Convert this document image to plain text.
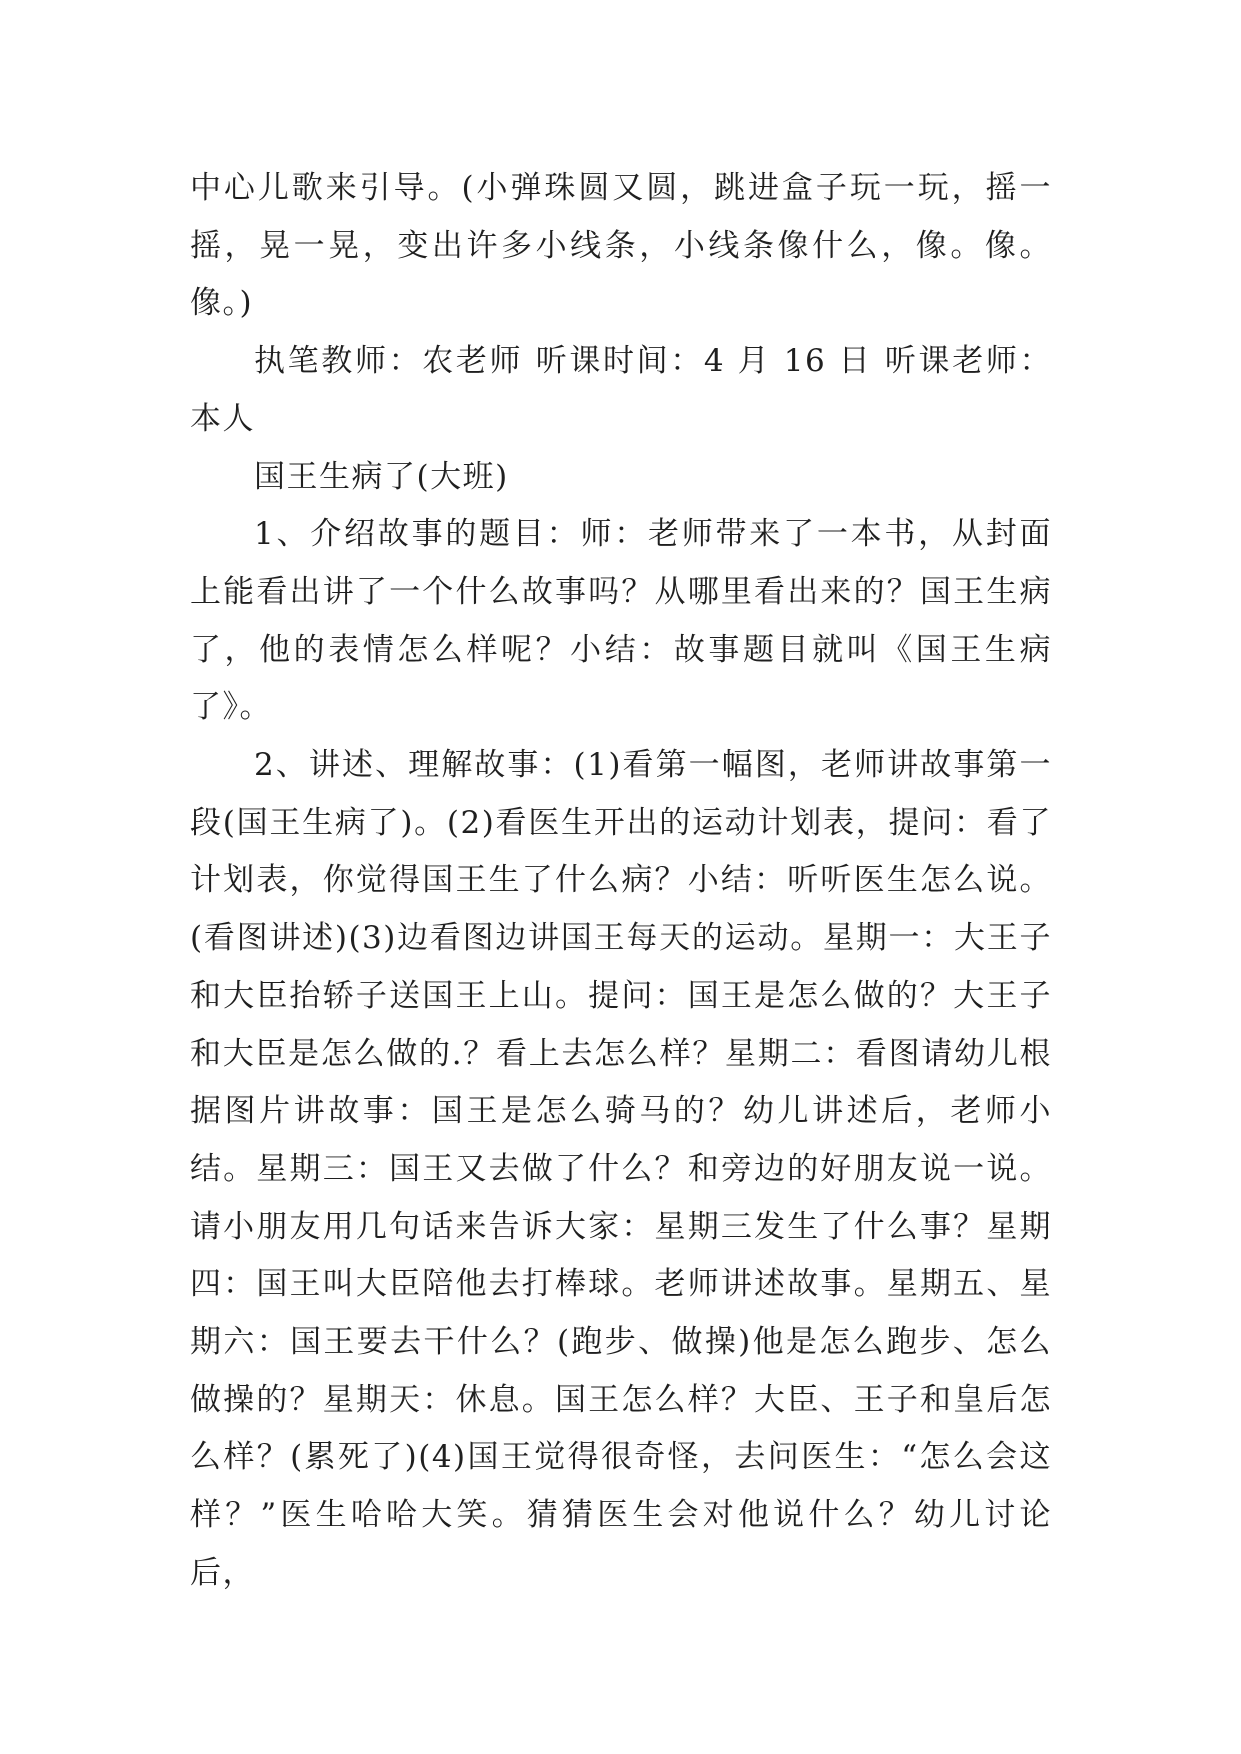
中心儿歌来引导。(小弹珠圆又圆，跳进盒子玩一玩，摇一摇，晃一晃，变出许多小线条，小线条像什么，像。像。像。)

执笔教师：农老师 听课时间：4 月 16 日 听课老师：本人

国王生病了(大班)

1、介绍故事的题目：师：老师带来了一本书，从封面上能看出讲了一个什么故事吗？从哪里看出来的？国王生病了，他的表情怎么样呢？小结：故事题目就叫《国王生病了》。

2、讲述、理解故事：(1)看第一幅图，老师讲故事第一段(国王生病了)。(2)看医生开出的运动计划表，提问：看了计划表，你觉得国王生了什么病？小结：听听医生怎么说。(看图讲述)(3)边看图边讲国王每天的运动。星期一：大王子和大臣抬轿子送国王上山。提问：国王是怎么做的？大王子和大臣是怎么做的.？看上去怎么样？星期二：看图请幼儿根据图片讲故事：国王是怎么骑马的？幼儿讲述后，老师小结。星期三：国王又去做了什么？和旁边的好朋友说一说。请小朋友用几句话来告诉大家：星期三发生了什么事？星期四：国王叫大臣陪他去打棒球。老师讲述故事。星期五、星期六：国王要去干什么？(跑步、做操)他是怎么跑步、怎么做操的？星期天：休息。国王怎么样？大臣、王子和皇后怎么样？(累死了)(4)国王觉得很奇怪，去问医生：“怎么会这样？”医生哈哈大笑。猜猜医生会对他说什么？幼儿讨论后，
